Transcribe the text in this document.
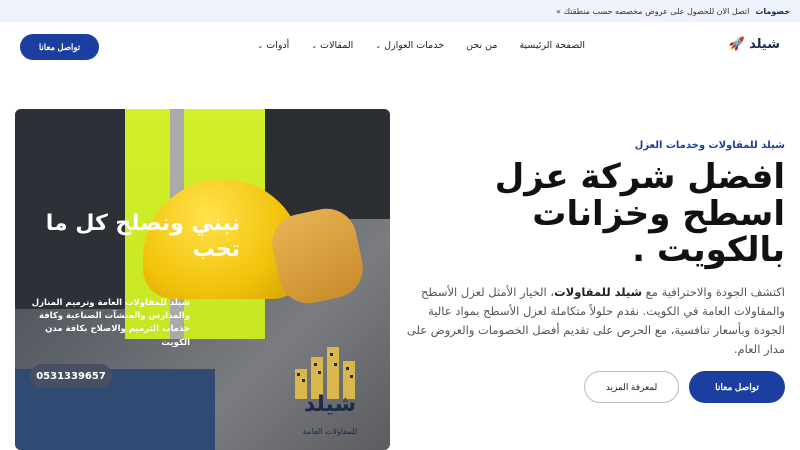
خصومات
اتصل الان للحصول على عروض مخصصه حسب منطقتك »
شيلد
🚀
الصفحة الرئيسية
من نحن
خدمات العوازل⌄
المقالات⌄
أدوات⌄
تواصل معانا
نبني ونصلح كل ما تحب
شيلد للمقاولات العامة وترميم المنازل والمدارس والمنشآت الصناعية وكافة خدمات الترميم والاصلاح بكافة مدن الكويت
0531339657
شيلد
للمقاولات العامة
شيلد للمقاولات وخدمات العزل
افضل شركة عزل اسطح وخزانات بالكويت .

اكتشف الجودة والاحترافية مع شيلد للمقاولات، الخيار الأمثل لعزل الأسطح والمقاولات العامة في الكويت. نقدم حلولاً متكاملة لعزل الأسطح بمواد عالية الجودة وبأسعار تنافسية، مع الحرص على تقديم أفضل الخصومات والعروض على مدار العام.

تواصل معانا
لمعرفة المزيد
